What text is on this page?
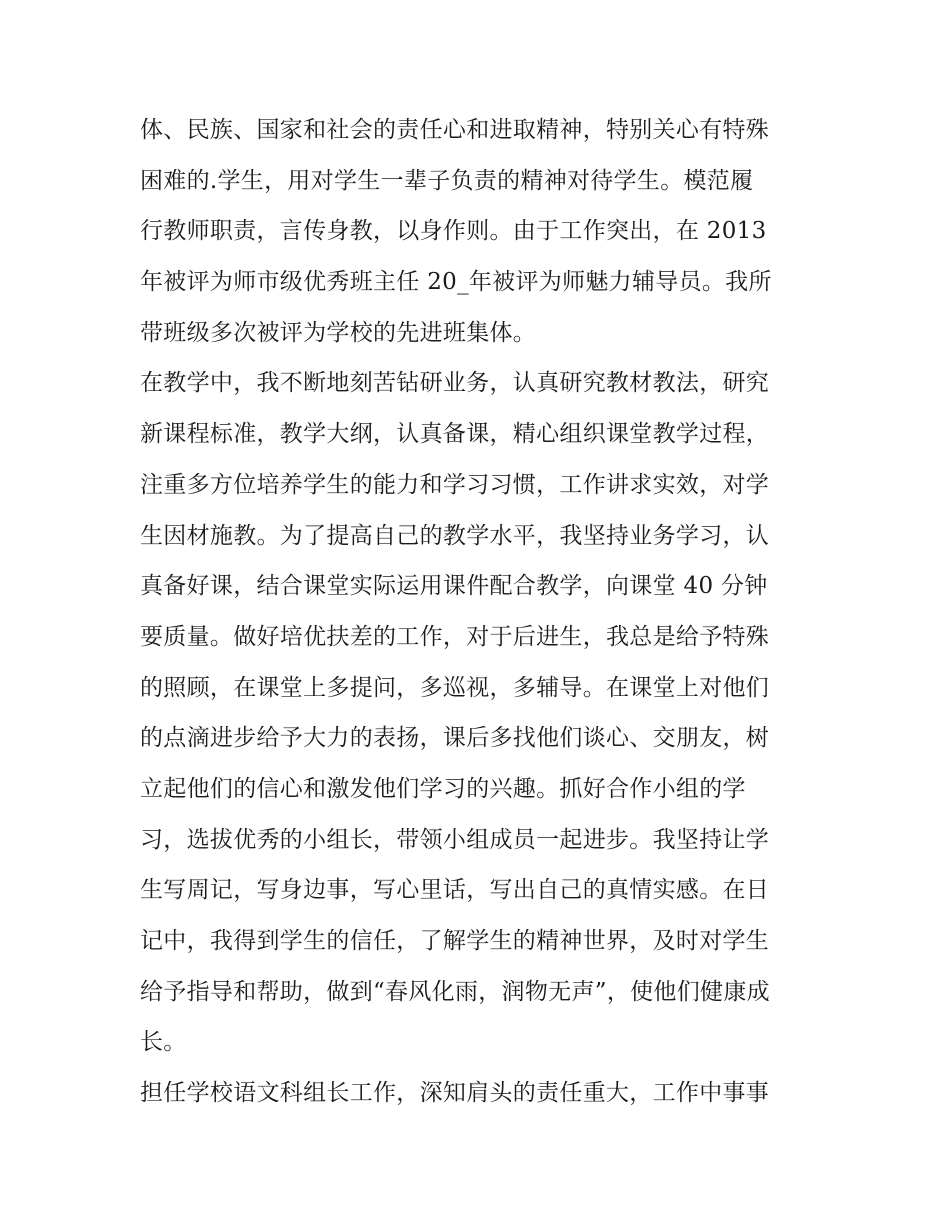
体、民族、国家和社会的责任心和进取精神，特别关心有特殊
困难的.学生，用对学生一辈子负责的精神对待学生。模范履
行教师职责，言传身教，以身作则。由于工作突出，在 2013
年被评为师市级优秀班主任 20_年被评为师魅力辅导员。我所
带班级多次被评为学校的先进班集体。
在教学中，我不断地刻苦钻研业务，认真研究教材教法，研究
新课程标准，教学大纲，认真备课，精心组织课堂教学过程，
注重多方位培养学生的能力和学习习惯，工作讲求实效，对学
生因材施教。为了提高自己的教学水平，我坚持业务学习，认
真备好课，结合课堂实际运用课件配合教学，向课堂 40 分钟
要质量。做好培优扶差的工作，对于后进生，我总是给予特殊
的照顾，在课堂上多提问，多巡视，多辅导。在课堂上对他们
的点滴进步给予大力的表扬，课后多找他们谈心、交朋友，树
立起他们的信心和激发他们学习的兴趣。抓好合作小组的学
习，选拔优秀的小组长，带领小组成员一起进步。我坚持让学
生写周记，写身边事，写心里话，写出自己的真情实感。在日
记中，我得到学生的信任，了解学生的精神世界，及时对学生
给予指导和帮助，做到“春风化雨，润物无声”，使他们健康成
长。
担任学校语文科组长工作，深知肩头的责任重大，工作中事事
